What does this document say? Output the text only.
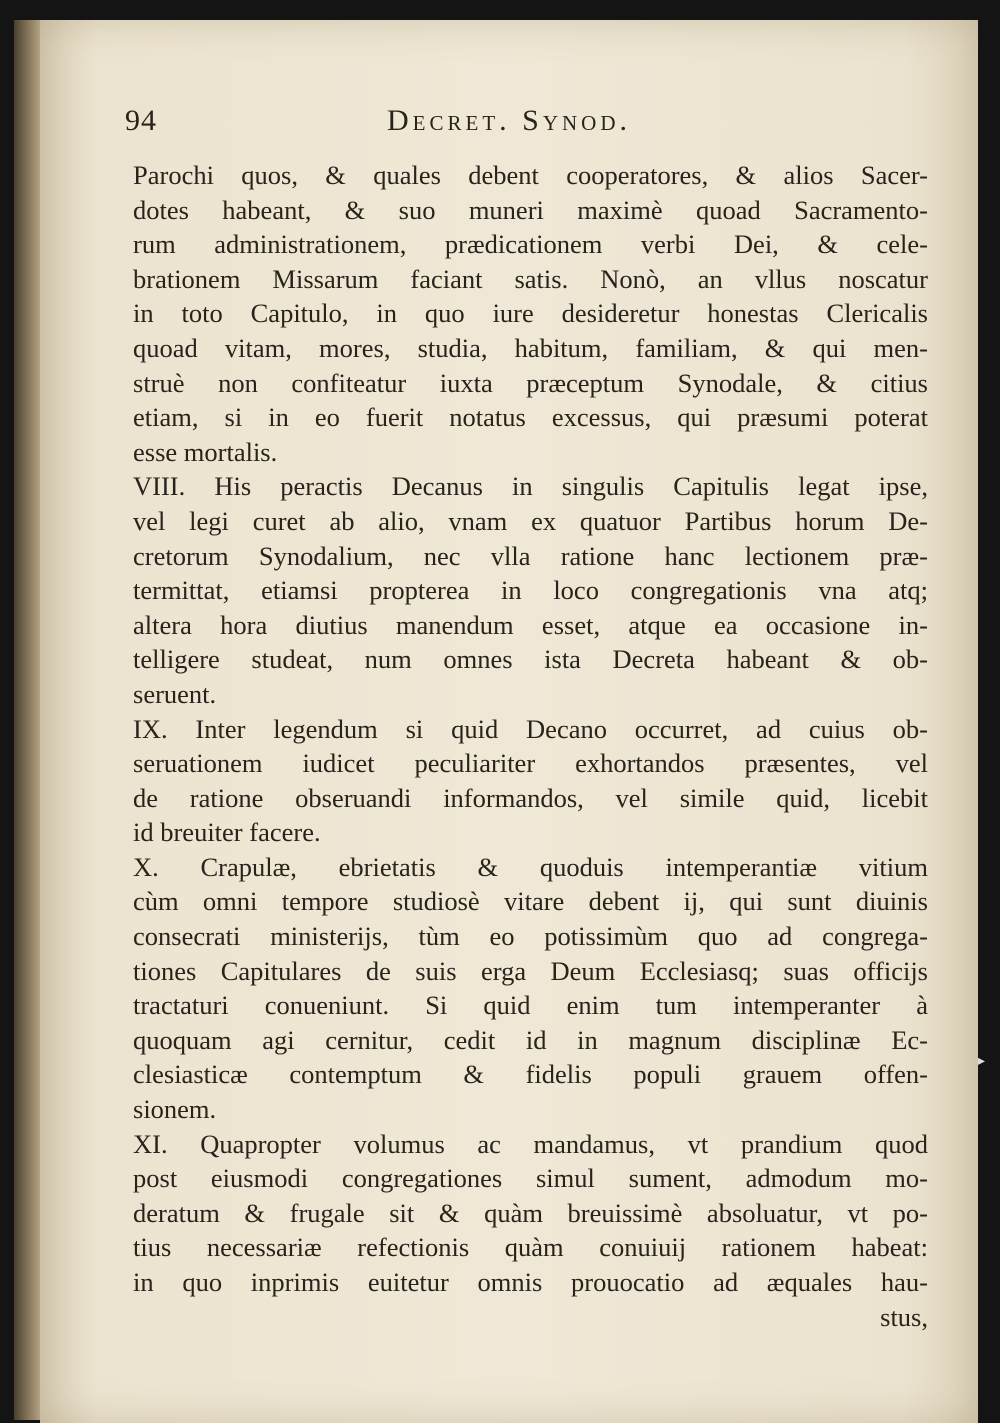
▸
94	Decret. Synod.
Parochi quos, & quales debent cooperatores, & alios Sacer-
dotes habeant, & suo muneri maximè quoad Sacramento-
rum administrationem, prædicationem verbi Dei, & cele-
brationem Missarum faciant satis. Nonò, an vllus noscatur
in toto Capitulo, in quo iure desideretur honestas Clericalis
quoad vitam, mores, studia, habitum, familiam, & qui men-
struè non confiteatur iuxta præceptum Synodale, & citius
etiam, si in eo fuerit notatus excessus, qui præsumi poterat
esse mortalis.
VIII. His peractis Decanus in singulis Capitulis legat ipse,
vel legi curet ab alio, vnam ex quatuor Partibus horum De-
cretorum Synodalium, nec vlla ratione hanc lectionem præ-
termittat, etiamsi propterea in loco congregationis vna atq;
altera hora diutius manendum esset, atque ea occasione in-
telligere studeat, num omnes ista Decreta habeant & ob-
seruent.
IX. Inter legendum si quid Decano occurret, ad cuius ob-
seruationem iudicet peculiariter exhortandos præsentes, vel
de ratione obseruandi informandos, vel simile quid, licebit
id breuiter facere.
X. Crapulæ, ebrietatis & quoduis intemperantiæ vitium
cùm omni tempore studiosè vitare debent ij, qui sunt diuinis
consecrati ministerijs, tùm eo potissimùm quo ad congrega-
tiones Capitulares de suis erga Deum Ecclesiasq; suas officijs
tractaturi conueniunt. Si quid enim tum intemperanter à
quoquam agi cernitur, cedit id in magnum disciplinæ Ec-
clesiasticæ contemptum & fidelis populi grauem offen-
sionem.
XI. Quapropter volumus ac mandamus, vt prandium quod
post eiusmodi congregationes simul sument, admodum mo-
deratum & frugale sit & quàm breuissimè absoluatur, vt po-
tius necessariæ refectionis quàm conuiuij rationem habeat:
in quo inprimis euitetur omnis prouocatio ad æquales hau-
stus,
